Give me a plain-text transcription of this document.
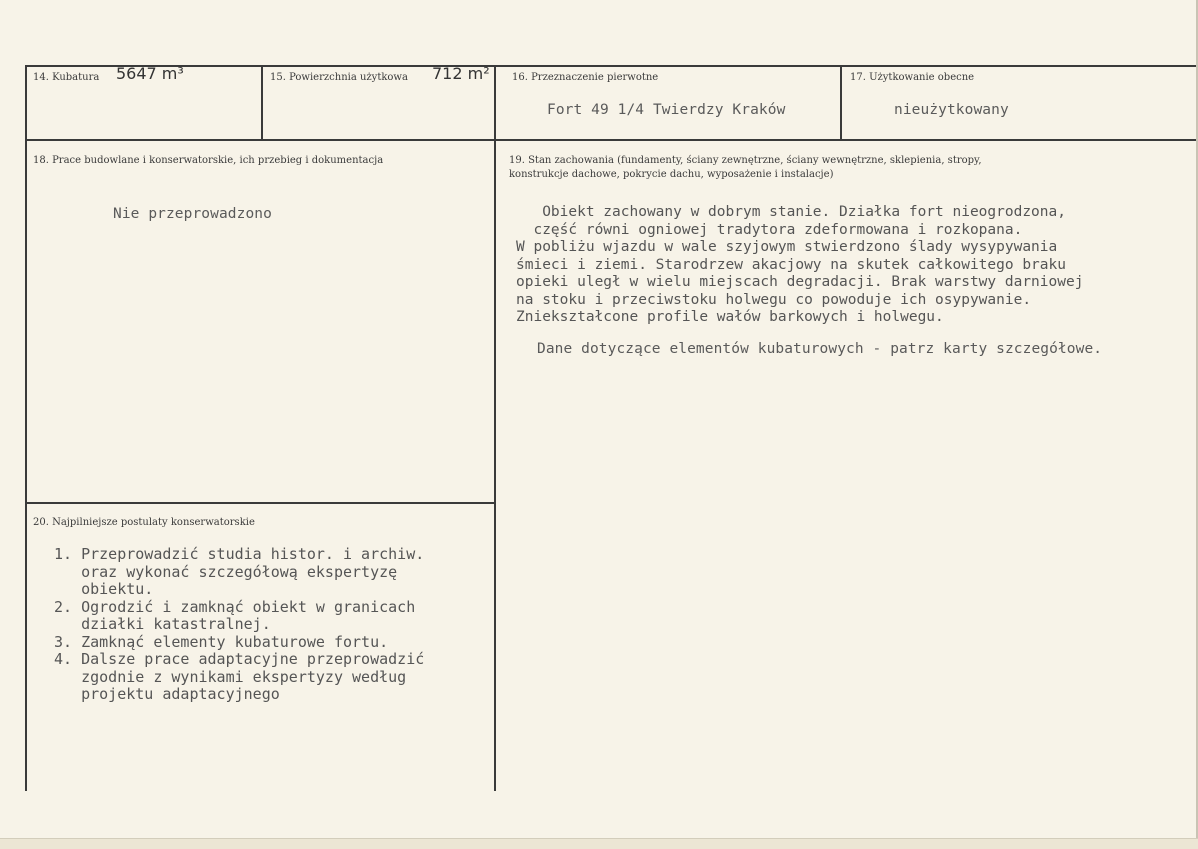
14. Kubatura 5647 m³	15. Powierzchnia użytkowa 712 m² 16. Przeznaczenie pierwotne
Fort 49 1/4 Twierdzy Kraków
17. Użytkowanie obecne
nieużytkowany
18. Prace budowlane i konserwatorskie, ich przebieg i dokumentacja
Nie przeprowadzono
19. Stan zachowania (fundamenty, ściany zewnętrzne, ściany wewnętrzne, sklepienia, stropy,
konstrukcje dachowe, pokrycie dachu, wyposażenie i instalacje)
Obiekt zachowany w dobrym stanie. Działka fort nieogrodzona,
część równi ogniowej tradytora zdeformowana i rozkopana.
W pobliżu wjazdu w wale szyjowym stwierdzono ślady wysypywania
śmieci i ziemi. Starodrzew akacjowy na skutek całkowitego braku
opieki uległ w wielu miejscach degradacji. Brak warstwy darniowej
na stoku i przeciwstoku holwegu co powoduje ich osypywanie.
Zniekształcone profile wałów barkowych i holwegu.
Dane dotyczące elementów kubaturowych - patrz karty szczegółowe.
20. Najpilniejsze postulaty konserwatorskie
1. Przeprowadzić studia histor. i archiw.
oraz wykonać szczegółową ekspertyzę
obiektu.
2. Ogrodzić i zamknąć obiekt w granicach
działki katastralnej.
3. Zamknąć elementy kubaturowe fortu.
4. Dalsze prace adaptacyjne przeprowadzić
zgodnie z wynikami ekspertyzy według
projektu adaptacyjnego
